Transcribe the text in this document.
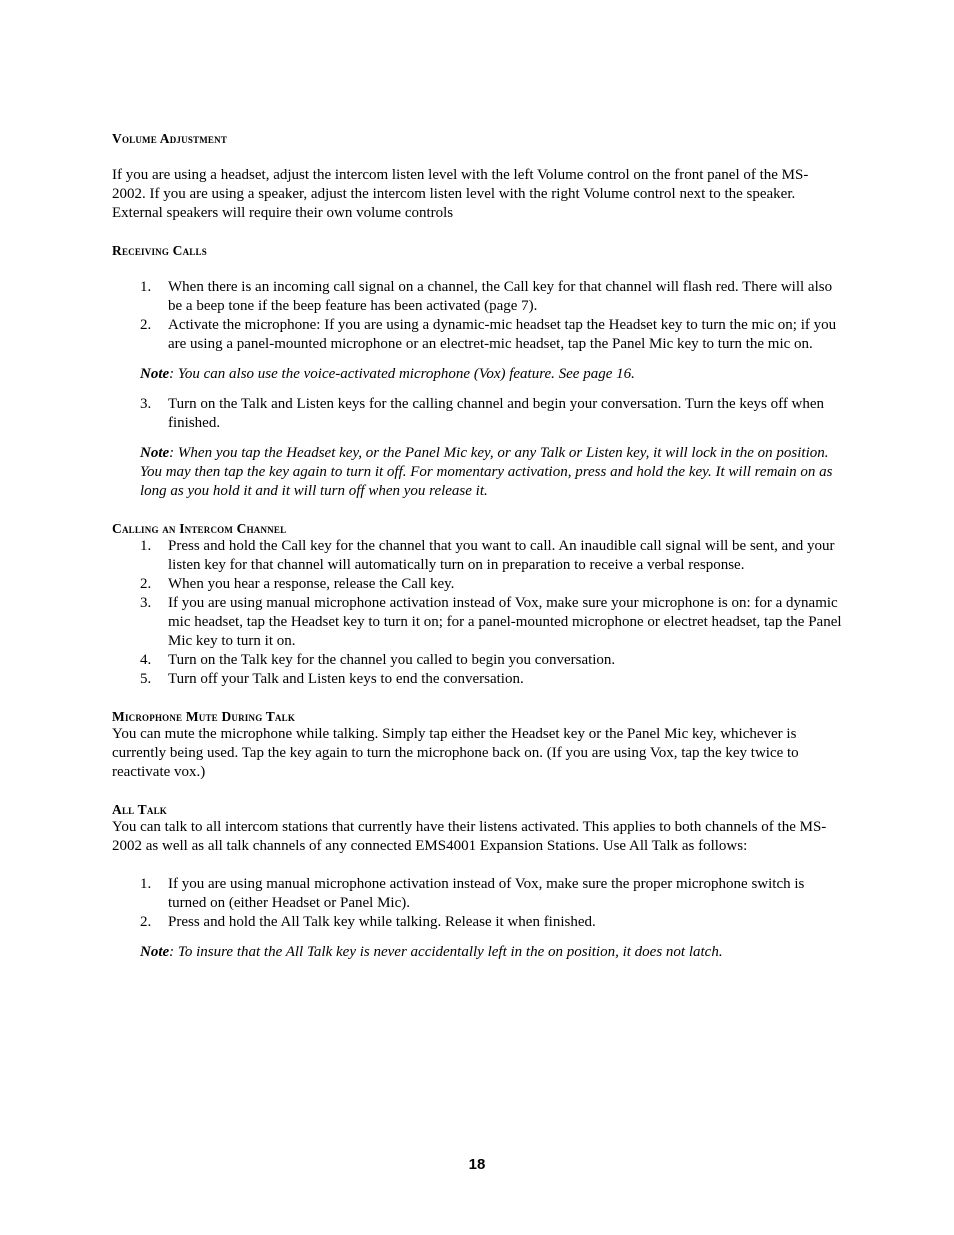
Volume Adjustment

If you are using a headset, adjust the intercom listen level with the left Volume control on the front panel of the MS-2002. If you are using a speaker, adjust the intercom listen level with the right Volume control next to the speaker. External speakers will require their own volume controls

Receiving Calls
1. When there is an incoming call signal on a channel, the Call key for that channel will flash red. There will also be a beep tone if the beep feature has been activated (page 7).
2. Activate the microphone: If you are using a dynamic-mic headset tap the Headset key to turn the mic on; if you are using a panel-mounted microphone or an electret-mic headset, tap the Panel Mic key to turn the mic on.

Note: You can also use the voice-activated microphone (Vox) feature. See page 16.

3. Turn on the Talk and Listen keys for the calling channel and begin your conversation. Turn the keys off when finished.

Note: When you tap the Headset key, or the Panel Mic key, or any Talk or Listen key, it will lock in the on position. You may then tap the key again to turn it off. For momentary activation, press and hold the key. It will remain on as long as you hold it and it will turn off when you release it.

Calling an Intercom Channel
1. Press and hold the Call key for the channel that you want to call. An inaudible call signal will be sent, and your listen key for that channel will automatically turn on in preparation to receive a verbal response.
2. When you hear a response, release the Call key.
3. If you are using manual microphone activation instead of Vox, make sure your microphone is on: for a dynamic mic headset, tap the Headset key to turn it on; for a panel-mounted microphone or electret headset, tap the Panel Mic key to turn it on.
4. Turn on the Talk key for the channel you called to begin you conversation.
5. Turn off your Talk and Listen keys to end the conversation.
Microphone Mute During Talk

You can mute the microphone while talking. Simply tap either the Headset key or the Panel Mic key, whichever is currently being used. Tap the key again to turn the microphone back on. (If you are using Vox, tap the key twice to reactivate vox.)

All Talk

You can talk to all intercom stations that currently have their listens activated. This applies to both channels of the MS-2002 as well as all talk channels of any connected EMS4001 Expansion Stations. Use All Talk as follows:

1. If you are using manual microphone activation instead of Vox, make sure the proper microphone switch is turned on (either Headset or Panel Mic).
2. Press and hold the All Talk key while talking. Release it when finished.

Note: To insure that the All Talk key is never accidentally left in the on position, it does not latch.

18
